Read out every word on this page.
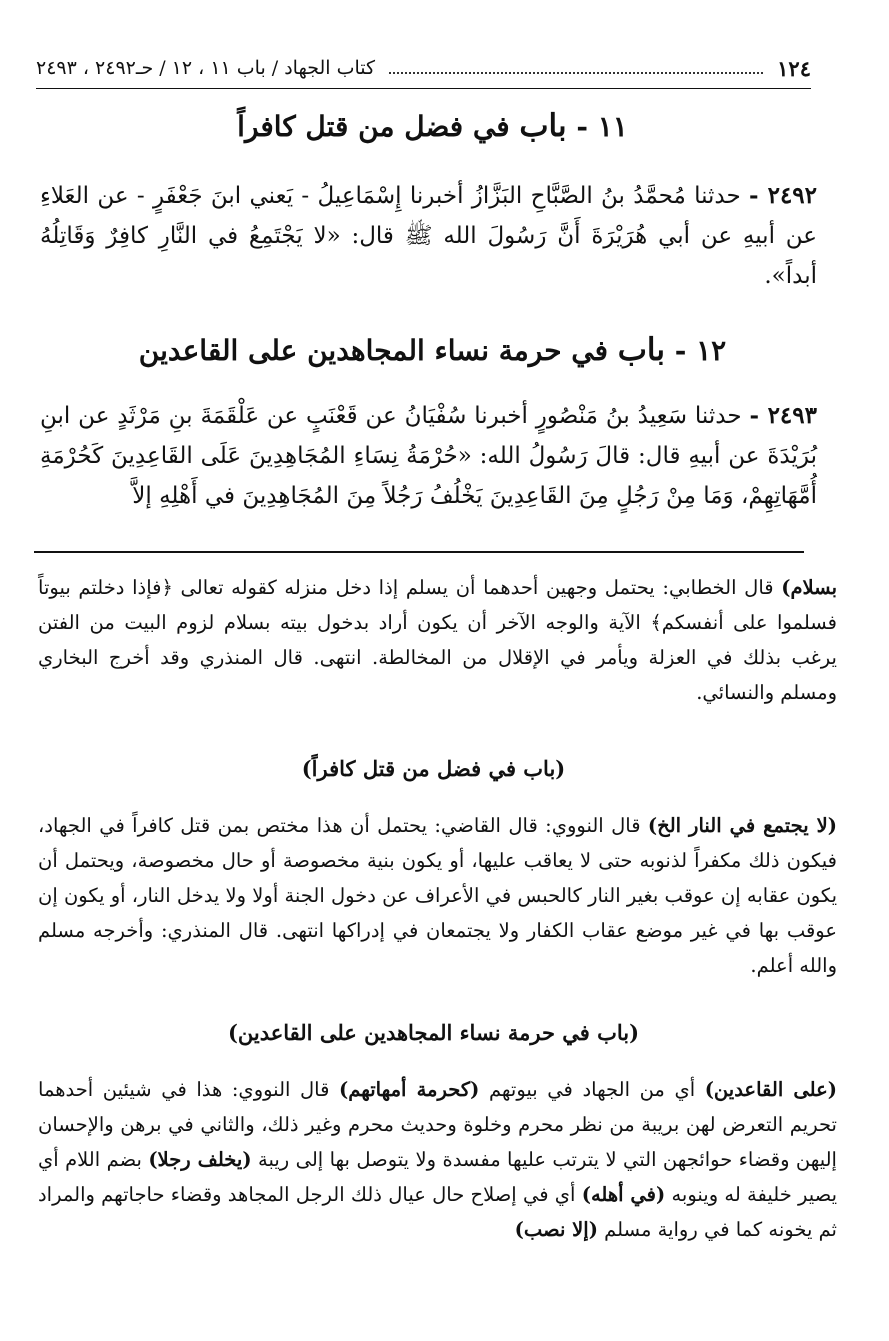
١٢٤
كتاب الجهاد / باب ١١ ، ١٢ / حـ٢٤٩٢ ، ٢٤٩٣
١١ - باب في فضل من قتل كافراً

٢٤٩٢ - حدثنا مُحمَّدُ بنُ الصَّبَّاحِ البَزَّازُ أخبرنا إِسْمَاعِيلُ - يَعني ابنَ جَعْفَرٍ - عن العَلاءِ عن أبيهِ عن أبي هُرَيْرَةَ أَنَّ رَسُولَ الله ﷺ قال: «لا يَجْتَمِعُ في النَّارِ كافِرٌ وَقَاتِلُهُ أبداً».

١٢ - باب في حرمة نساء المجاهدين على القاعدين

٢٤٩٣ - حدثنا سَعِيدُ بنُ مَنْصُورٍ أخبرنا سُفْيَانُ عن قَعْنَبٍ عن عَلْقَمَةَ بنِ مَرْثَدٍ عن ابنِ بُرَيْدَةَ عن أبيهِ قال: قالَ رَسُولُ الله: «حُرْمَةُ نِسَاءِ المُجَاهِدِينَ عَلَى القَاعِدِينَ كَحُرْمَةِ أُمَّهَاتِهِمْ، وَمَا مِنْ رَجُلٍ مِنَ القَاعِدِينَ يَخْلُفُ رَجُلاً مِنَ المُجَاهِدِينَ في أَهْلِهِ إلاَّ

بسلام) قال الخطابي: يحتمل وجهين أحدهما أن يسلم إذا دخل منزله كقوله تعالى ﴿فإذا دخلتم بيوتاً فسلموا على أنفسكم﴾ الآية والوجه الآخر أن يكون أراد بدخول بيته بسلام لزوم البيت من الفتن يرغب بذلك في العزلة ويأمر في الإقلال من المخالطة. انتهى. قال المنذري وقد أخرج البخاري ومسلم والنسائي.

(باب في فضل من قتل كافراً)

(لا يجتمع في النار الخ) قال النووي: قال القاضي: يحتمل أن هذا مختص بمن قتل كافراً في الجهاد، فيكون ذلك مكفراً لذنوبه حتى لا يعاقب عليها، أو يكون بنية مخصوصة أو حال مخصوصة، ويحتمل أن يكون عقابه إن عوقب بغير النار كالحبس في الأعراف عن دخول الجنة أولا ولا يدخل النار، أو يكون إن عوقب بها في غير موضع عقاب الكفار ولا يجتمعان في إدراكها انتهى. قال المنذري: وأخرجه مسلم والله أعلم.

(باب في حرمة نساء المجاهدين على القاعدين)

(على القاعدين) أي من الجهاد في بيوتهم (كحرمة أمهاتهم) قال النووي: هذا في شيئين أحدهما تحريم التعرض لهن بريبة من نظر محرم وخلوة وحديث محرم وغير ذلك، والثاني في برهن والإحسان إليهن وقضاء حوائجهن التي لا يترتب عليها مفسدة ولا يتوصل بها إلى ريبة (يخلف رجلا) بضم اللام أي يصير خليفة له وينوبه (في أهله) أي في إصلاح حال عيال ذلك الرجل المجاهد وقضاء حاجاتهم والمراد ثم يخونه كما في رواية مسلم (إلا نصب)
